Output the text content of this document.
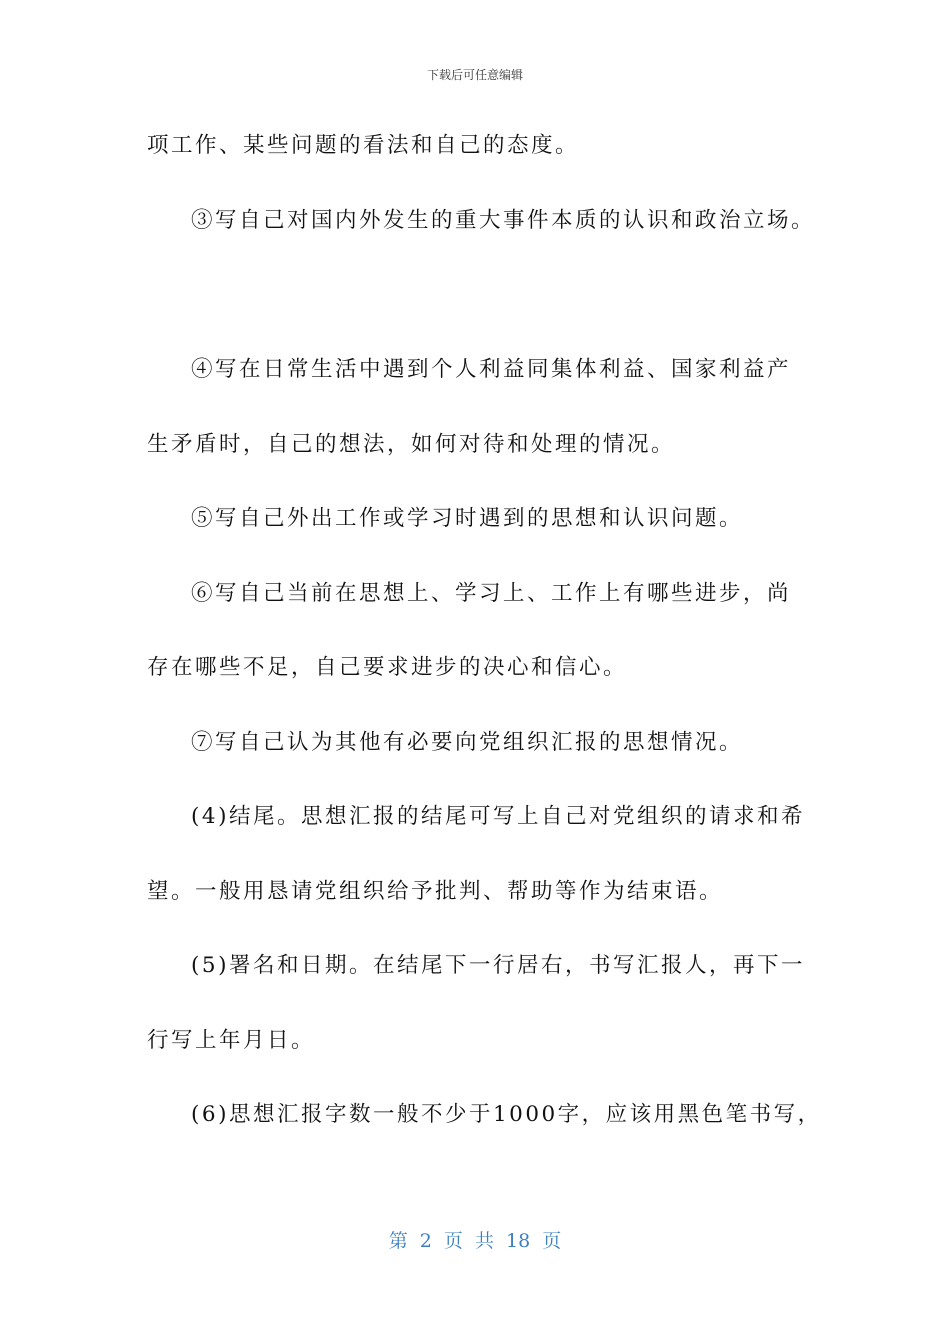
下载后可任意编辑
项工作、某些问题的看法和自己的态度。
③写自己对国内外发生的重大事件本质的认识和政治立场。
④写在日常生活中遇到个人利益同集体利益、国家利益产
生矛盾时，自己的想法，如何对待和处理的情况。
⑤写自己外出工作或学习时遇到的思想和认识问题。
⑥写自己当前在思想上、学习上、工作上有哪些进步，尚
存在哪些不足，自己要求进步的决心和信心。
⑦写自己认为其他有必要向党组织汇报的思想情况。
(4)结尾。思想汇报的结尾可写上自己对党组织的请求和希
望。一般用恳请党组织给予批判、帮助等作为结束语。
(5)署名和日期。在结尾下一行居右，书写汇报人，再下一
行写上年月日。
(6)思想汇报字数一般不少于1000字，应该用黑色笔书写，
第 2 页 共 18 页
